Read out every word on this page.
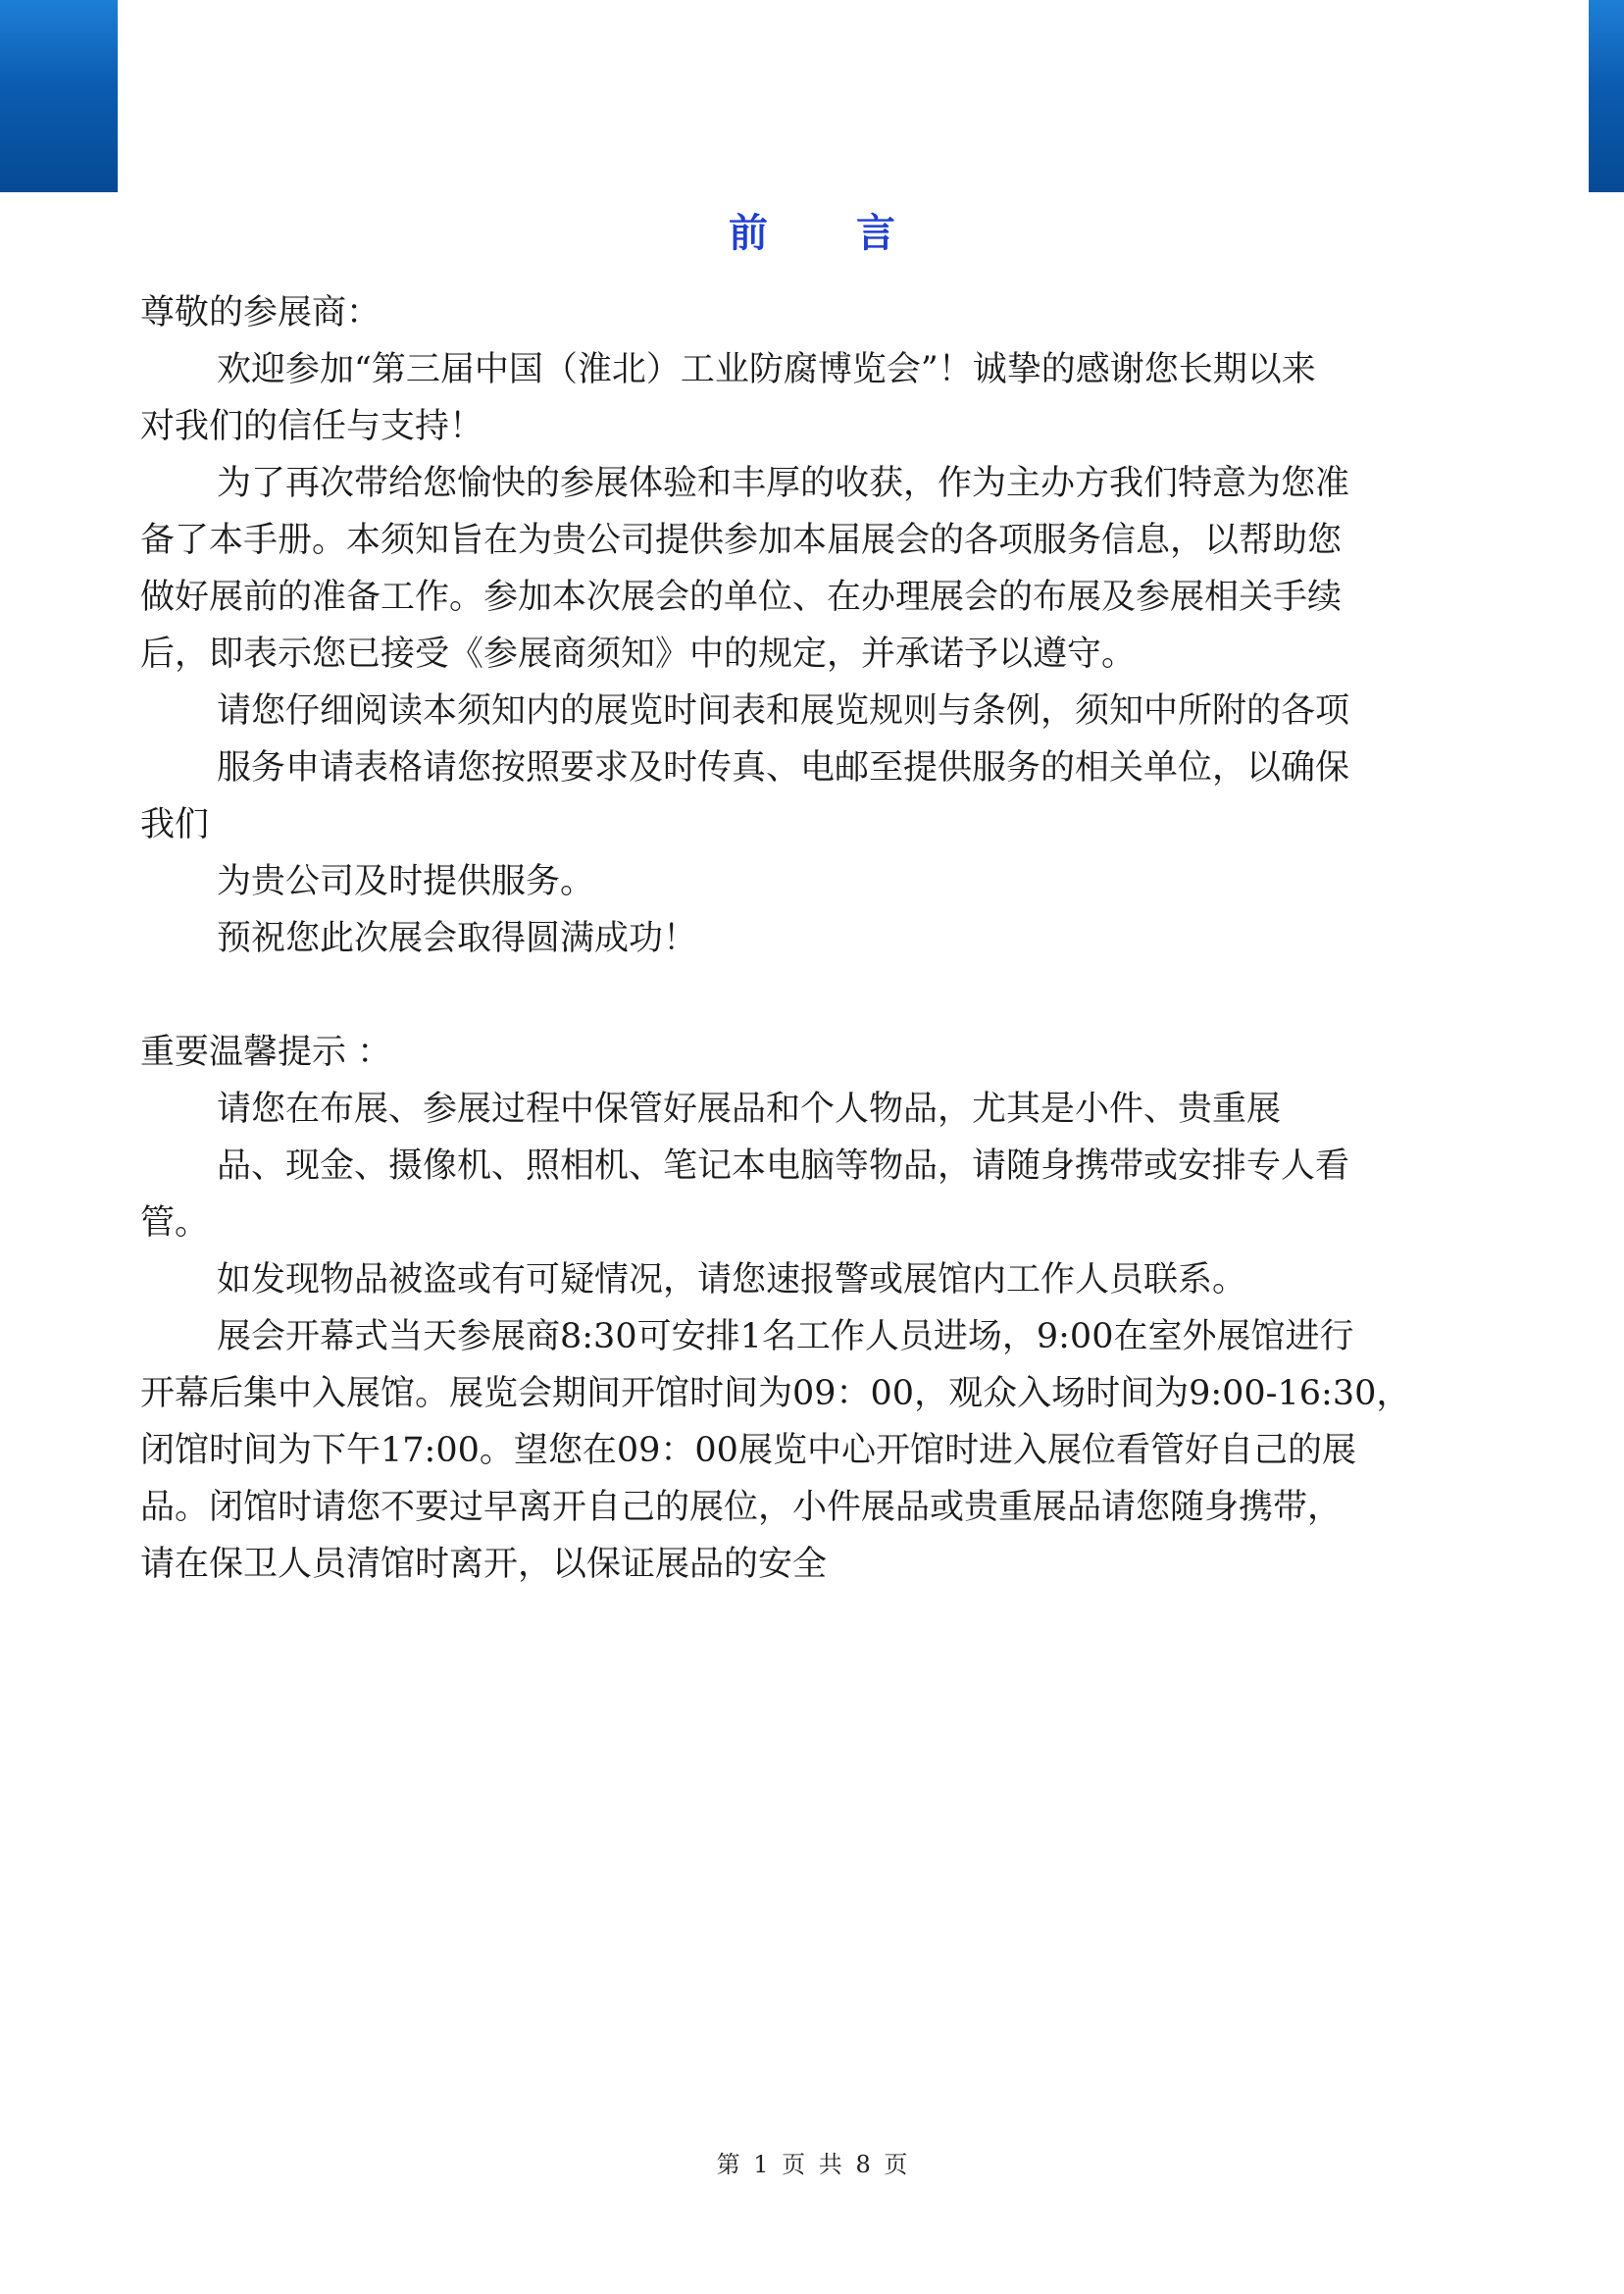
前 言

尊敬的参展商：

欢迎参加“第三届中国（淮北）工业防腐博览会”！诚挚的感谢您长期以来

对我们的信任与支持！

为了再次带给您愉快的参展体验和丰厚的收获，作为主办方我们特意为您准

备了本手册。本须知旨在为贵公司提供参加本届展会的各项服务信息，以帮助您

做好展前的准备工作。参加本次展会的单位、在办理展会的布展及参展相关手续

后，即表示您已接受《参展商须知》中的规定，并承诺予以遵守。

请您仔细阅读本须知内的展览时间表和展览规则与条例，须知中所附的各项

服务申请表格请您按照要求及时传真、电邮至提供服务的相关单位，以确保

我们

为贵公司及时提供服务。

预祝您此次展会取得圆满成功！

重要温馨提示 ：

请您在布展、参展过程中保管好展品和个人物品，尤其是小件、贵重展

品、现金、摄像机、照相机、笔记本电脑等物品，请随身携带或安排专人看

管。

如发现物品被盗或有可疑情况，请您速报警或展馆内工作人员联系。

展会开幕式当天参展商8:30可安排1名工作人员进场，9:00在室外展馆进行

开幕后集中入展馆。展览会期间开馆时间为09：00，观众入场时间为9:00-16:30，

闭馆时间为下午17:00。望您在09：00展览中心开馆时进入展位看管好自己的展

品。闭馆时请您不要过早离开自己的展位，小件展品或贵重展品请您随身携带，

请在保卫人员清馆时离开，以保证展品的安全

第 1 页 共 8 页
